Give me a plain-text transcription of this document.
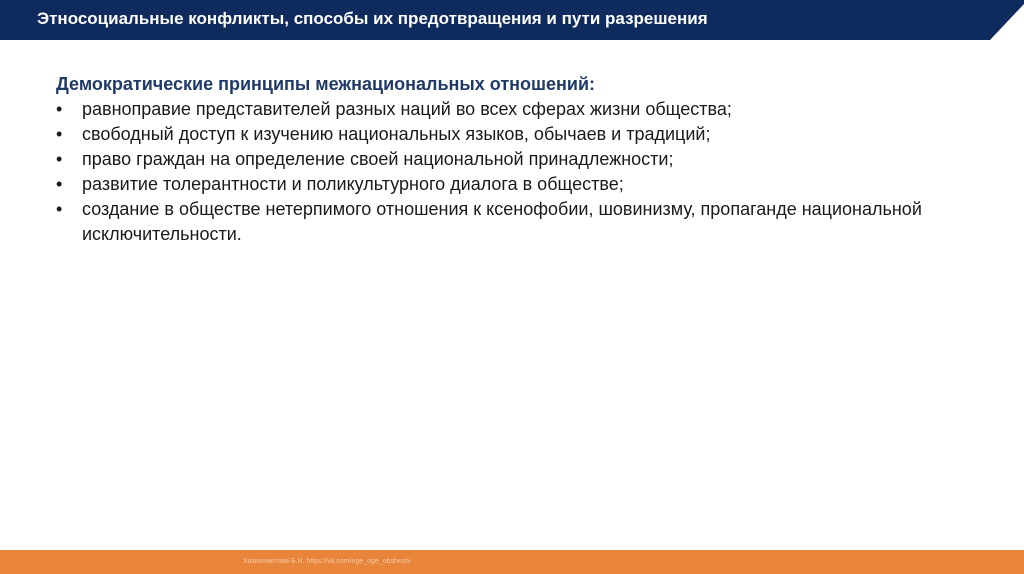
Этносоциальные конфликты, способы их предотвращения и пути разрешения
Демократические принципы межнациональных отношений:
•	равноправие представителей разных наций во всех сферах жизни общества;
•	свободный доступ к изучению национальных языков, обычаев и традиций;
•	право граждан на определение своей национальной принадлежности;
•	развитие толерантности и поликультурного диалога в обществе;
•	создание в обществе нетерпимого отношения к ксенофобии, шовинизму, пропаганде национальной исключительности.
Хазиахметова Б.И. https://vk.com/ege_oge_obshestv
